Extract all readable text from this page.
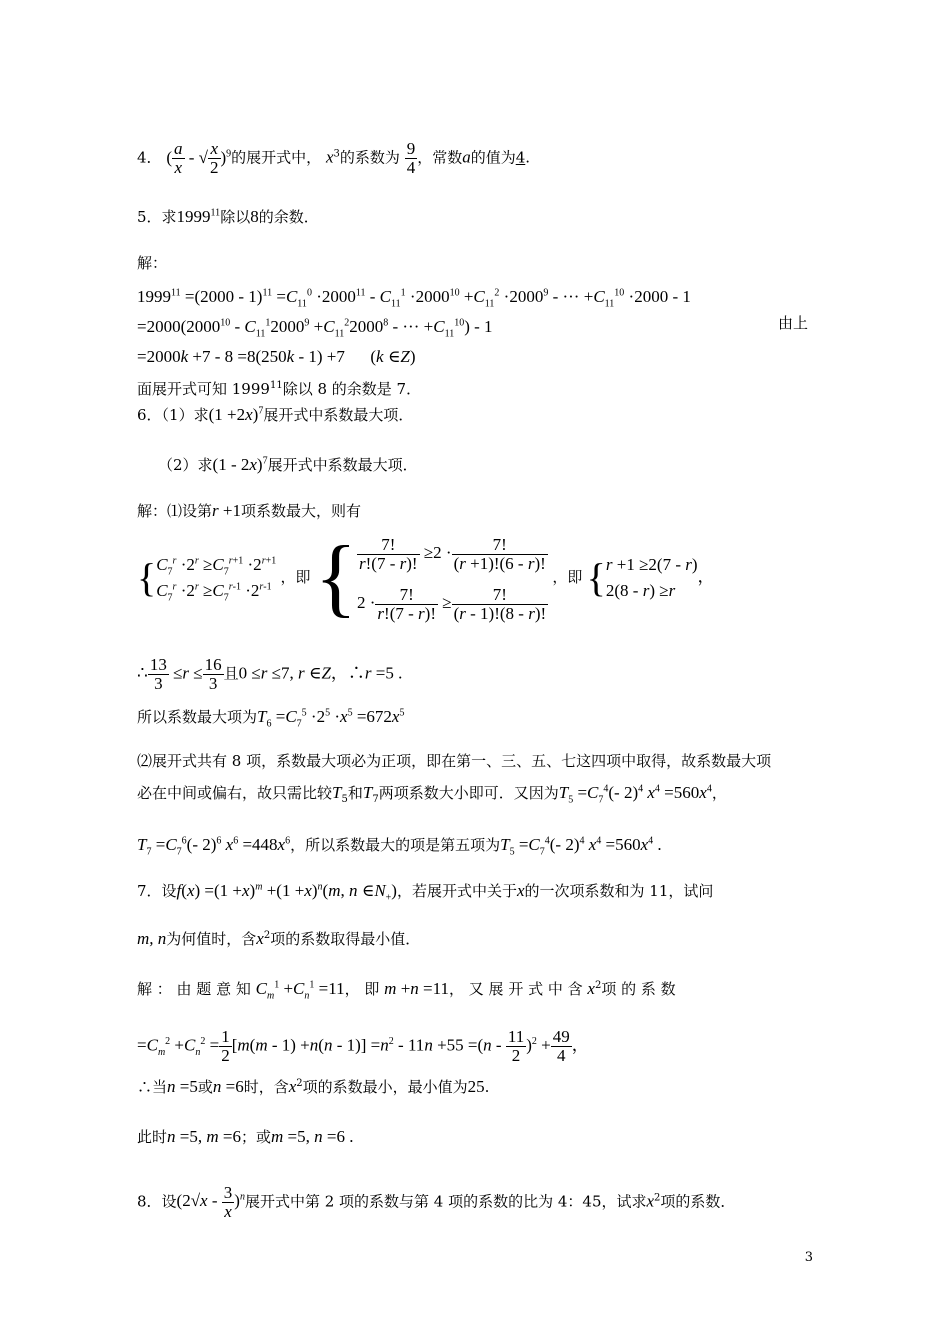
4． ( $\frac{a}{x}$ - √ $\frac{x}{2} )^9$的展开式中， $x^3$的系数为 $\frac{9}{4}$ ，常数a的值为4.
5．求1999$^{11}$除以8的余数．
解：
$1999^{11} =(2000 - 1)^{11} =C_{11}^0 \cdot 2000^{11} - C_{11}^1 \cdot 2000^{10} +C_{11}^2 \cdot 2000^9$ - ··· $+C_{11}^{10} \cdot 2000 - 1$
$=2000(2000^{10} - C_{11}^12000^9 +C_{11}^22000^8$ - ··· $+C_{11}^{10}) - 1$	由上
=2000k +7 - 8 =8(250k - 1) +7      (k ∈Z)
面展开式可知 1999$^{11}$除以 8 的余数是 7．
6．（1）求$(1 +2x)^7$展开式中系数最大项．
（2）求(1 - 2x)$^7$展开式中系数最大项．
解：⑴设第r +1项系数最大，则有
{$C_7^r \cdot 2^r \ge C_7^{r+1} \cdot 2^{r+1}$
$C_7^r \cdot 2^r \ge C_7^{r-1} \cdot 2^{r-1}$ ，即 { $\frac{7!}{r!(7 - r)!} \ge 2 \cdot \frac{7!}{(r +1)!(6 - r)!}$

$2 \cdot \frac{7!}{r!(7 - r)!} \ge \frac{7!}{(r - 1)!(8 - r)!}$
，即 {r +1 ≥2(7 - r)
2(8 - r) ≥r，
∴ $\frac{13}{3} \le r \le \frac{16}{3}$ 且0 ≤r ≤7, r ∈Z，∴r =5 .
所以系数最大项为$T_6 =C_7^5 \cdot 2^5 \cdot x^5 =672x^5$
⑵展开式共有 8 项，系数最大项必为正项，即在第一、三、五、七这四项中取得，故系数最大项
必在中间或偏右，故只需比较$T_5$和$T_7$两项系数大小即可．又因为$T_5 =C_7^4(-$ 2)$^4$ $x^4 =560x^4$，
$T_7 =C_7^6(-$ 2)$^6$ $x^6 =448x^6$，所以系数最大的项是第五项为$T_5 =C_7^4(-$ 2)$^4$ $x^4 =560x^4$ .
7．设$f(x) =(1 +x)^m +(1 +x)^n(m$, n $\in N_+$)，若展开式中关于x的一次项系数和为 11，试问
m, n为何值时，含$x^2$项的系数取得最小值．
解 ： 由 题 意 知 $C_m^1 +C_n^1 =11$， 即 m +n =11， 又 展 开 式 中 含 $x^2$项 的 系 数
$=C_m^2 +C_n^2 = \frac{1}{2} [m(m - 1) +n(n - 1)] =n^2 - 11n +55 =(n - \frac{11}{2} )^2 + \frac{49}{4}$ ，
∴当n =5或n =6时，含$x^2$项的系数最小，最小值为25.
此时n =5, m =6；或m =5, n =6 .
8．设$(2√x - \frac{3}{x} )^n$展开式中第 2 项的系数与第 4 项的系数的比为 4：45，试求$x^2$项的系数．
3
